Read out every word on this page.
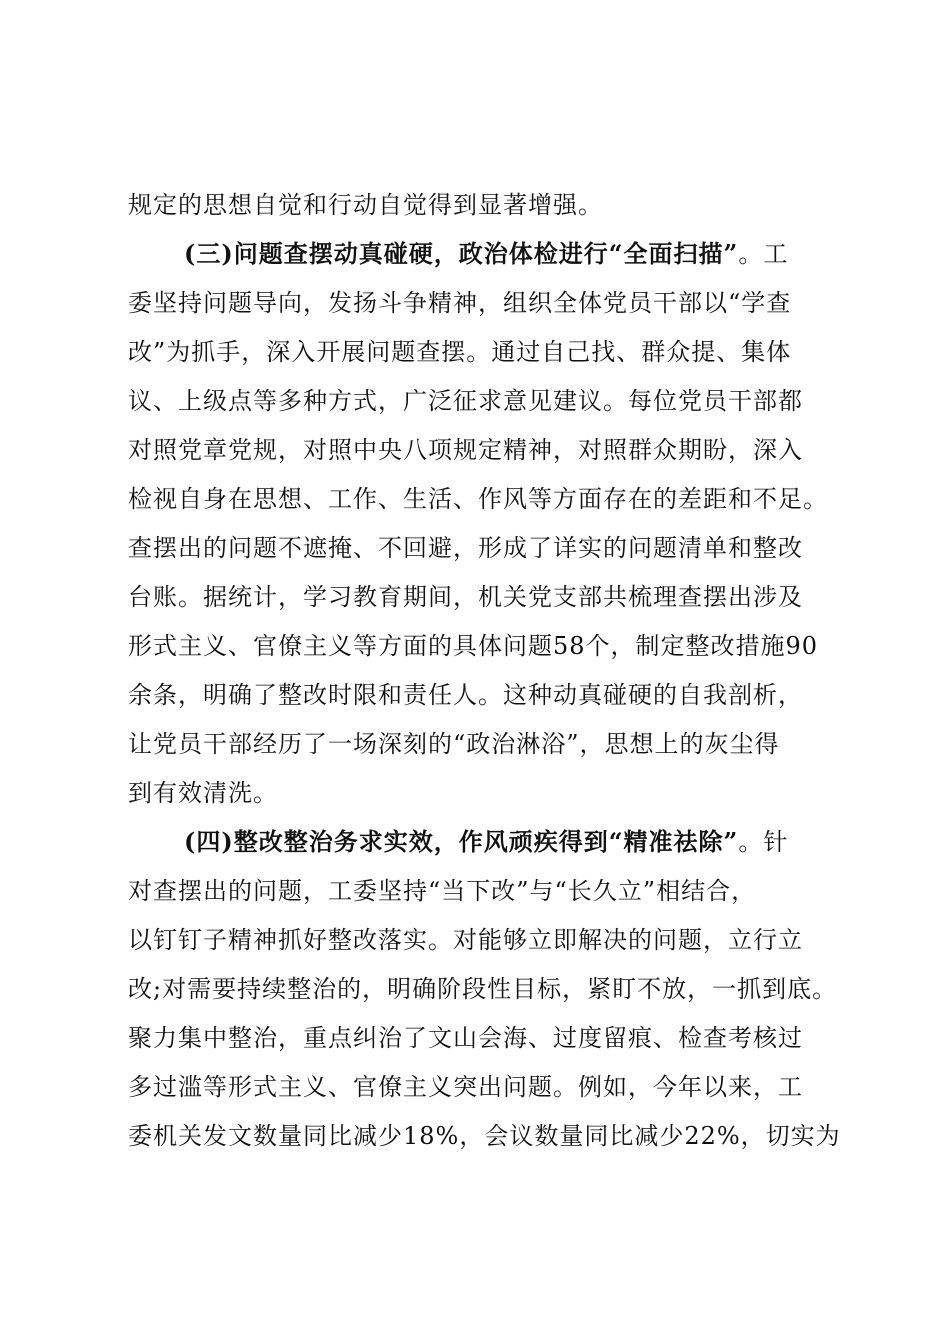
规定的思想自觉和行动自觉得到显著增强。
(三)问题查摆动真碰硬，政治体检进行“全面扫描”。工
委坚持问题导向，发扬斗争精神，组织全体党员干部以“学查
改”为抓手，深入开展问题查摆。通过自己找、群众提、集体
议、上级点等多种方式，广泛征求意见建议。每位党员干部都
对照党章党规，对照中央八项规定精神，对照群众期盼，深入
检视自身在思想、工作、生活、作风等方面存在的差距和不足。
查摆出的问题不遮掩、不回避，形成了详实的问题清单和整改
台账。据统计，学习教育期间，机关党支部共梳理查摆出涉及
形式主义、官僚主义等方面的具体问题58个，制定整改措施90
余条，明确了整改时限和责任人。这种动真碰硬的自我剖析，
让党员干部经历了一场深刻的“政治淋浴”，思想上的灰尘得
到有效清洗。
(四)整改整治务求实效，作风顽疾得到“精准祛除”。针
对查摆出的问题，工委坚持“当下改”与“长久立”相结合，
以钉钉子精神抓好整改落实。对能够立即解决的问题，立行立
改;对需要持续整治的，明确阶段性目标，紧盯不放，一抓到底。
聚力集中整治，重点纠治了文山会海、过度留痕、检查考核过
多过滥等形式主义、官僚主义突出问题。例如，今年以来，工
委机关发文数量同比减少18%，会议数量同比减少22%，切实为
